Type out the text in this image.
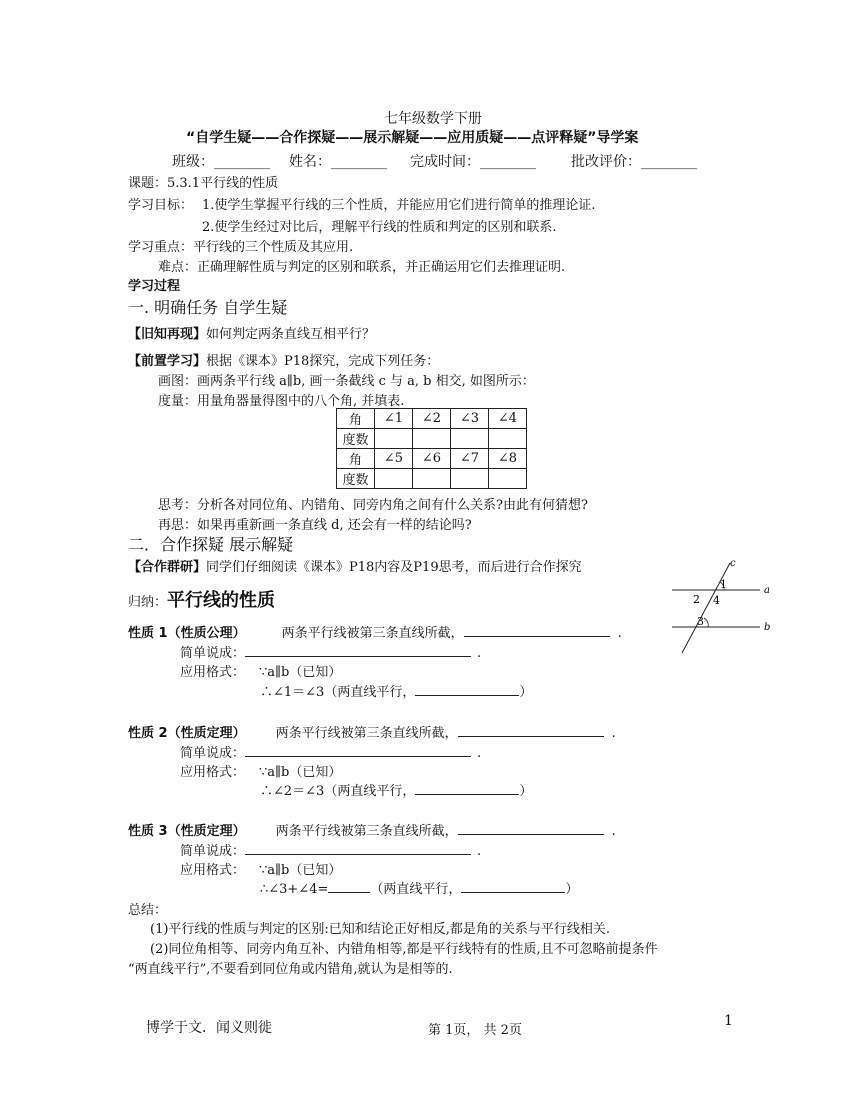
七年级数学下册
“自学生疑——合作探疑——展示解疑——应用质疑——点评释疑”导学案
班级：________ 姓名：________ 完成时间：________	批改评价：________
课题：5.3.1平行线的性质
学习目标： 1.使学生掌握平行线的三个性质，并能应用它们进行简单的推理论证.
2.使学生经过对比后，理解平行线的性质和判定的区别和联系.
学习重点：平行线的三个性质及其应用.
难点：正确理解性质与判定的区别和联系，并正确运用它们去推理证明.
学习过程
一. 明确任务 自学生疑
【旧知再现】如何判定两条直线互相平行？
【前置学习】根据《课本》P18探究，完成下列任务：
画图：画两条平行线 a∥b, 画一条截线 c 与 a, b 相交, 如图所示：
度量：用量角器量得图中的八个角, 并填表.
角	∠1	∠2	∠3	∠4
度数				
角	∠5	∠6	∠7	∠8
度数				
思考：分析各对同位角、内错角、同旁内角之间有什么关系?由此有何猜想?
再思：如果再重新画一条直线 d, 还会有一样的结论吗?
二．合作探疑 展示解疑
【合作群研】同学们仔细阅读《课本》P18内容及P19思考，而后进行合作探究
归纳：平行线的性质
c
a
b
1
2 4
3
性质 1（性质公理）	两条平行线被第三条直线所截，	.
简单说成：	.
应用格式： ∵a∥b（已知）
∴∠1＝∠3（两直线平行，	）
性质 2（性质定理） 两条平行线被第三条直线所截，	.
简单说成：	.
应用格式： ∵a∥b（已知）
∴∠2＝∠3（两直线平行，	）
性质 3（性质定理） 两条平行线被第三条直线所截，	.
简单说成：	.
应用格式： ∵a∥b（已知）
∴∠3+∠4=	（两直线平行，	）
总结：
(1)平行线的性质与判定的区别:已知和结论正好相反,都是角的关系与平行线相关.
(2)同位角相等、同旁内角互补、内错角相等,都是平行线特有的性质,且不可忽略前提条件
“两直线平行”,不要看到同位角或内错角,就认为是相等的.
博学于文．闻义则徙	第 1页， 共 2页
1
